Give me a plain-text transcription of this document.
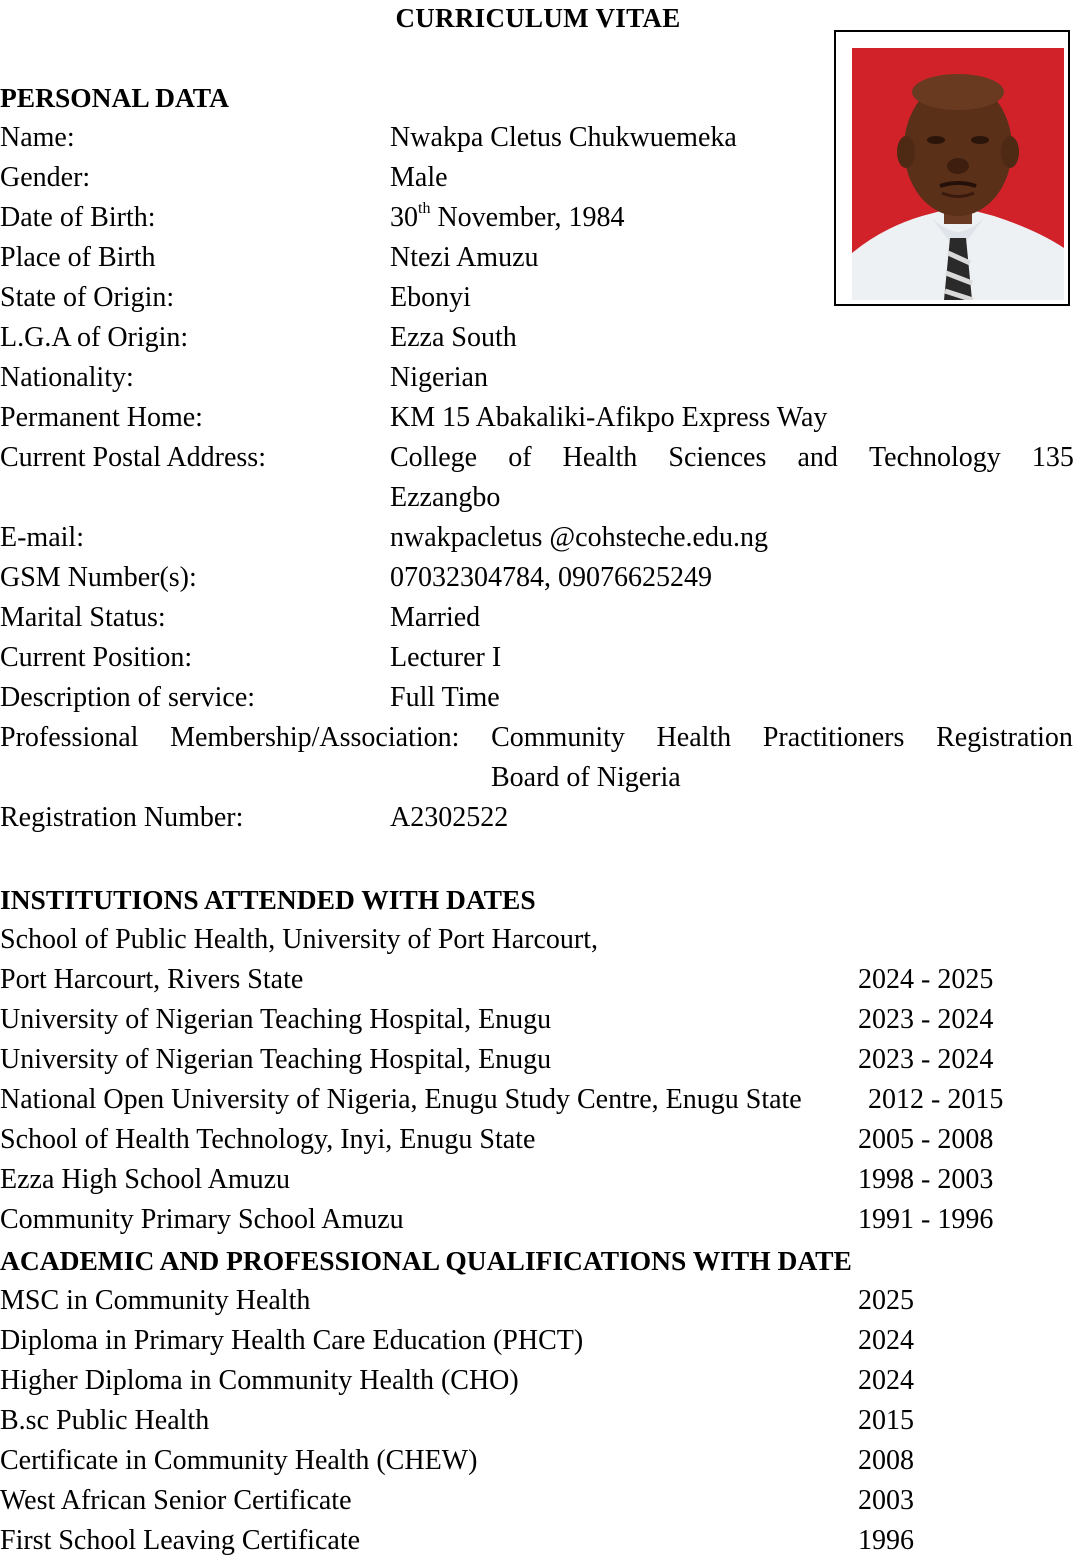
CURRICULUM VITAE
PERSONAL DATA
Name:	Nwakpa Cletus Chukwuemeka
Gender:	Male
Date of Birth:	30th November, 1984
Place of Birth	Ntezi Amuzu
State of Origin:	Ebonyi
L.G.A of Origin:	Ezza South
Nationality:	Nigerian
Permanent Home:	KM 15 Abakaliki-Afikpo Express Way
Current Postal Address:	College of Health Sciences and Technology 135
Ezzangbo
E-mail:	nwakpacletus @cohsteche.edu.ng
GSM Number(s):	07032304784, 09076625249
Marital Status:	Married
Current Position:	Lecturer I
Description of service:	Full Time
Professional Membership/Association: Community Health Practitioners Registration
Board of Nigeria
Registration Number:	A2302522
INSTITUTIONS ATTENDED WITH DATES
School of Public Health, University of Port Harcourt,
Port Harcourt, Rivers State	2024 - 2025
University of Nigerian Teaching Hospital, Enugu	2023 - 2024
University of Nigerian Teaching Hospital, Enugu	2023 - 2024
National Open University of Nigeria, Enugu Study Centre, Enugu State 2012 - 2015
School of Health Technology, Inyi, Enugu State	2005 - 2008
Ezza High School Amuzu	1998 - 2003
Community Primary School Amuzu	1991 - 1996
ACADEMIC AND PROFESSIONAL QUALIFICATIONS WITH DATE
MSC in Community Health	2025
Diploma in Primary Health Care Education (PHCT)	2024
Higher Diploma in Community Health (CHO)	2024
B.sc Public Health	2015
Certificate in Community Health (CHEW)	2008
West African Senior Certificate	2003
First School Leaving Certificate	1996
